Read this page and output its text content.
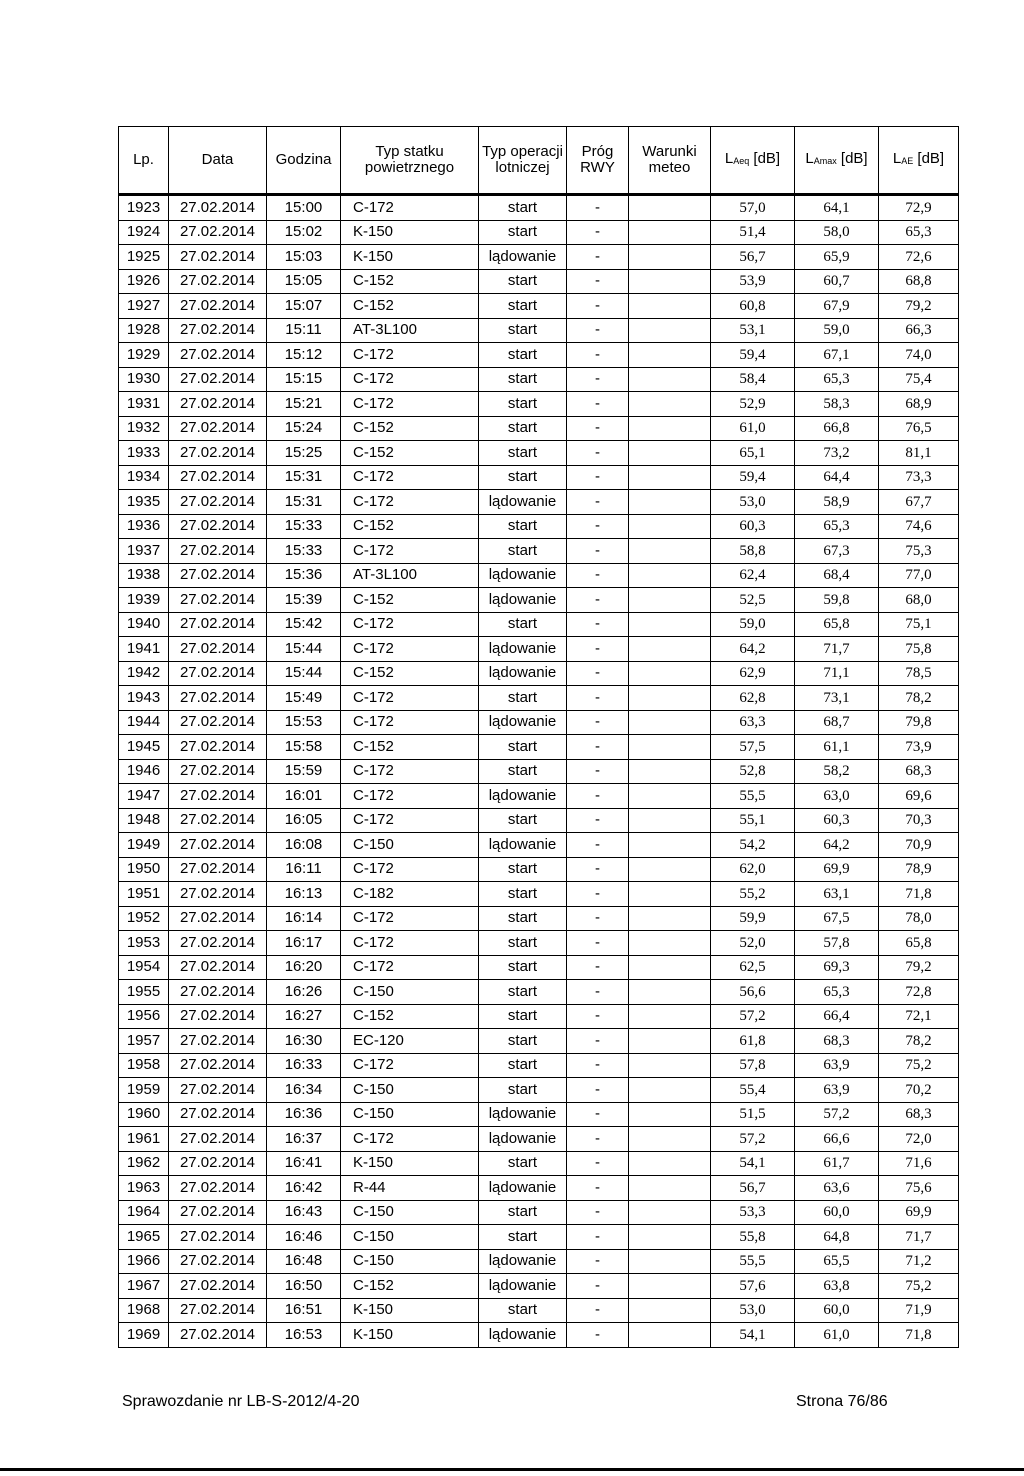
Lp.	Data	Godzina	Typ statku powietrznego	Typ operacji lotniczej	Próg RWY	Warunki meteo	$L_{Aeq}$ [dB]	$L_{Amax}$ [dB]	$L_{AE}$ [dB]
1923	27.02.2014	15:00	C-172	start	-		57,0	64,1	72,9
1924	27.02.2014	15:02	K-150	start	-		51,4	58,0	65,3
1925	27.02.2014	15:03	K-150	lądowanie	-		56,7	65,9	72,6
1926	27.02.2014	15:05	C-152	start	-		53,9	60,7	68,8
1927	27.02.2014	15:07	C-152	start	-		60,8	67,9	79,2
1928	27.02.2014	15:11	AT-3L100	start	-		53,1	59,0	66,3
1929	27.02.2014	15:12	C-172	start	-		59,4	67,1	74,0
1930	27.02.2014	15:15	C-172	start	-		58,4	65,3	75,4
1931	27.02.2014	15:21	C-172	start	-		52,9	58,3	68,9
1932	27.02.2014	15:24	C-152	start	-		61,0	66,8	76,5
1933	27.02.2014	15:25	C-152	start	-		65,1	73,2	81,1
1934	27.02.2014	15:31	C-172	start	-		59,4	64,4	73,3
1935	27.02.2014	15:31	C-172	lądowanie	-		53,0	58,9	67,7
1936	27.02.2014	15:33	C-152	start	-		60,3	65,3	74,6
1937	27.02.2014	15:33	C-172	start	-		58,8	67,3	75,3
1938	27.02.2014	15:36	AT-3L100	lądowanie	-		62,4	68,4	77,0
1939	27.02.2014	15:39	C-152	lądowanie	-		52,5	59,8	68,0
1940	27.02.2014	15:42	C-172	start	-		59,0	65,8	75,1
1941	27.02.2014	15:44	C-172	lądowanie	-		64,2	71,7	75,8
1942	27.02.2014	15:44	C-152	lądowanie	-		62,9	71,1	78,5
1943	27.02.2014	15:49	C-172	start	-		62,8	73,1	78,2
1944	27.02.2014	15:53	C-172	lądowanie	-		63,3	68,7	79,8
1945	27.02.2014	15:58	C-152	start	-		57,5	61,1	73,9
1946	27.02.2014	15:59	C-172	start	-		52,8	58,2	68,3
1947	27.02.2014	16:01	C-172	lądowanie	-		55,5	63,0	69,6
1948	27.02.2014	16:05	C-172	start	-		55,1	60,3	70,3
1949	27.02.2014	16:08	C-150	lądowanie	-		54,2	64,2	70,9
1950	27.02.2014	16:11	C-172	start	-		62,0	69,9	78,9
1951	27.02.2014	16:13	C-182	start	-		55,2	63,1	71,8
1952	27.02.2014	16:14	C-172	start	-		59,9	67,5	78,0
1953	27.02.2014	16:17	C-172	start	-		52,0	57,8	65,8
1954	27.02.2014	16:20	C-172	start	-		62,5	69,3	79,2
1955	27.02.2014	16:26	C-150	start	-		56,6	65,3	72,8
1956	27.02.2014	16:27	C-152	start	-		57,2	66,4	72,1
1957	27.02.2014	16:30	EC-120	start	-		61,8	68,3	78,2
1958	27.02.2014	16:33	C-172	start	-		57,8	63,9	75,2
1959	27.02.2014	16:34	C-150	start	-		55,4	63,9	70,2
1960	27.02.2014	16:36	C-150	lądowanie	-		51,5	57,2	68,3
1961	27.02.2014	16:37	C-172	lądowanie	-		57,2	66,6	72,0
1962	27.02.2014	16:41	K-150	start	-		54,1	61,7	71,6
1963	27.02.2014	16:42	R-44	lądowanie	-		56,7	63,6	75,6
1964	27.02.2014	16:43	C-150	start	-		53,3	60,0	69,9
1965	27.02.2014	16:46	C-150	start	-		55,8	64,8	71,7
1966	27.02.2014	16:48	C-150	lądowanie	-		55,5	65,5	71,2
1967	27.02.2014	16:50	C-152	lądowanie	-		57,6	63,8	75,2
1968	27.02.2014	16:51	K-150	start	-		53,0	60,0	71,9
1969	27.02.2014	16:53	K-150	lądowanie	-		54,1	61,0	71,8
Sprawozdanie nr LB-S-2012/4-20	Strona 76/86
